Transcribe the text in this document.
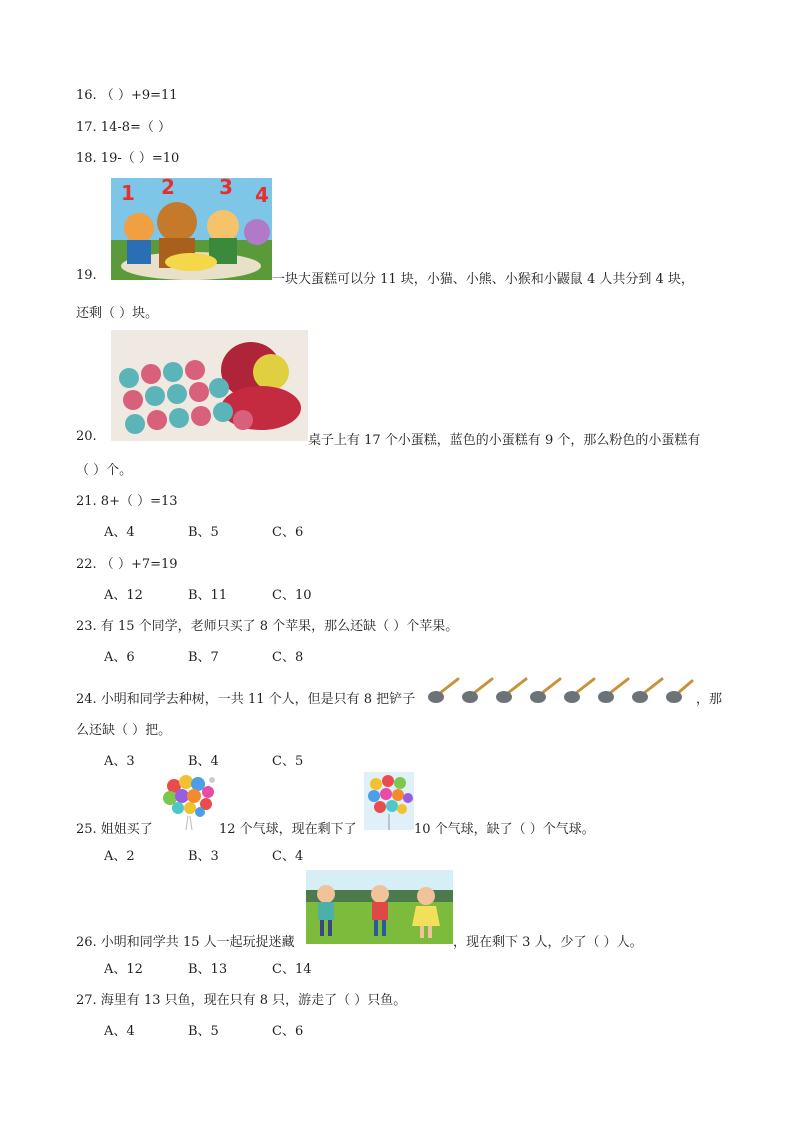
16. （ ）+9=11
17. 14-8=（ ）
18. 19-（ ）=10
1 2 3 4
19.	一块大蛋糕可以分 11 块，小猫、小熊、小猴和小鼹鼠 4 人共分到 4 块，
还剩（ ）块。
20.	桌子上有 17 个小蛋糕，蓝色的小蛋糕有 9 个，那么粉色的小蛋糕有
（ ）个。
21. 8+（ ）=13
A、4	B、5	C、6
22. （ ）+7=19
A、12	B、11	C、10
23. 有 15 个同学，老师只买了 8 个苹果，那么还缺（ ）个苹果。
A、6	B、7	C、8
24. 小明和同学去种树，一共 11 个人，但是只有 8 把铲子	，那
么还缺（ ）把。
A、3	B、4	C、5
25. 姐姐买了	12 个气球，现在剩下了	10 个气球，缺了（ ）个气球。
A、2	B、3	C、4
26. 小明和同学共 15 人一起玩捉迷藏	，现在剩下 3 人，少了（ ）人。
A、12	B、13	C、14
27. 海里有 13 只鱼，现在只有 8 只，游走了（ ）只鱼。
A、4	B、5	C、6
